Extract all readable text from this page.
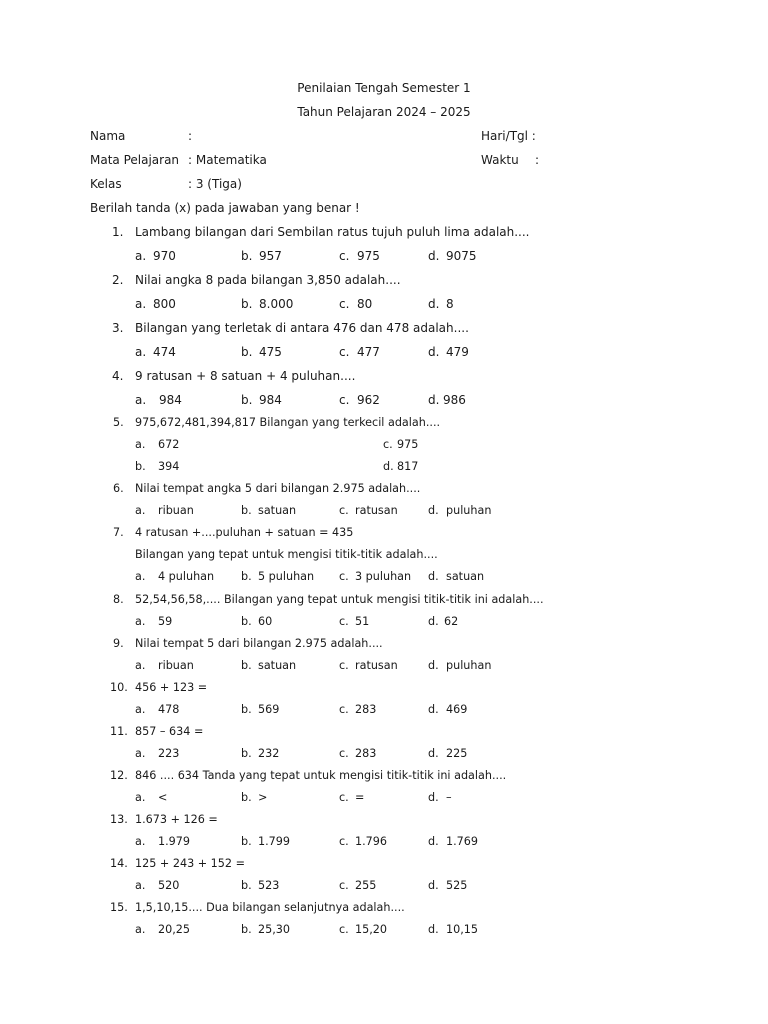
Penilaian Tengah Semester 1
Tahun Pelajaran 2024 – 2025
Nama	:	Hari/Tgl :
Mata Pelajaran : Matematika	Waktu :
Kelas	: 3 (Tiga)
Berilah tanda (x) pada jawaban yang benar !
1. Lambang bilangan dari Sembilan ratus tujuh puluh lima adalah....
a. 970	b. 957	c. 975	d. 9075
2. Nilai angka 8 pada bilangan 3,850 adalah....
a. 800	b. 8.000	c. 80	d. 8
3. Bilangan yang terletak di antara 476 dan 478 adalah....
a. 474	b. 475	c. 477	d. 479
4. 9 ratusan + 8 satuan + 4 puluhan....
a. 984	b. 984	c. 962	d. 986
5. 975,672,481,394,817 Bilangan yang terkecil adalah....
a. 672	c. 975
b. 394	d. 817
6. Nilai tempat angka 5 dari bilangan 2.975 adalah....
a. ribuan	b. satuan	c. ratusan	d. puluhan
7. 4 ratusan +....puluhan + satuan = 435
Bilangan yang tepat untuk mengisi titik-titik adalah....
a. 4 puluhan b. 5 puluhan c. 3 puluhan d. satuan
8. 52,54,56,58,.... Bilangan yang tepat untuk mengisi titik-titik ini adalah....
a. 59	b. 60	c. 51	d. 62
9. Nilai tempat 5 dari bilangan 2.975 adalah....
a. ribuan	b. satuan	c. ratusan	d. puluhan
10. 456 + 123 =
a. 478	b. 569	c. 283	d. 469
11. 857 – 634 =
a. 223	b. 232	c. 283	d. 225
12. 846 .... 634 Tanda yang tepat untuk mengisi titik-titik ini adalah....
a. <	b. >	c. =	d. –
13. 1.673 + 126 =
a. 1.979	b. 1.799	c. 1.796	d. 1.769
14. 125 + 243 + 152 =
a. 520	b. 523	c. 255	d. 525
15. 1,5,10,15.... Dua bilangan selanjutnya adalah....
a. 20,25	b. 25,30	c. 15,20	d. 10,15
